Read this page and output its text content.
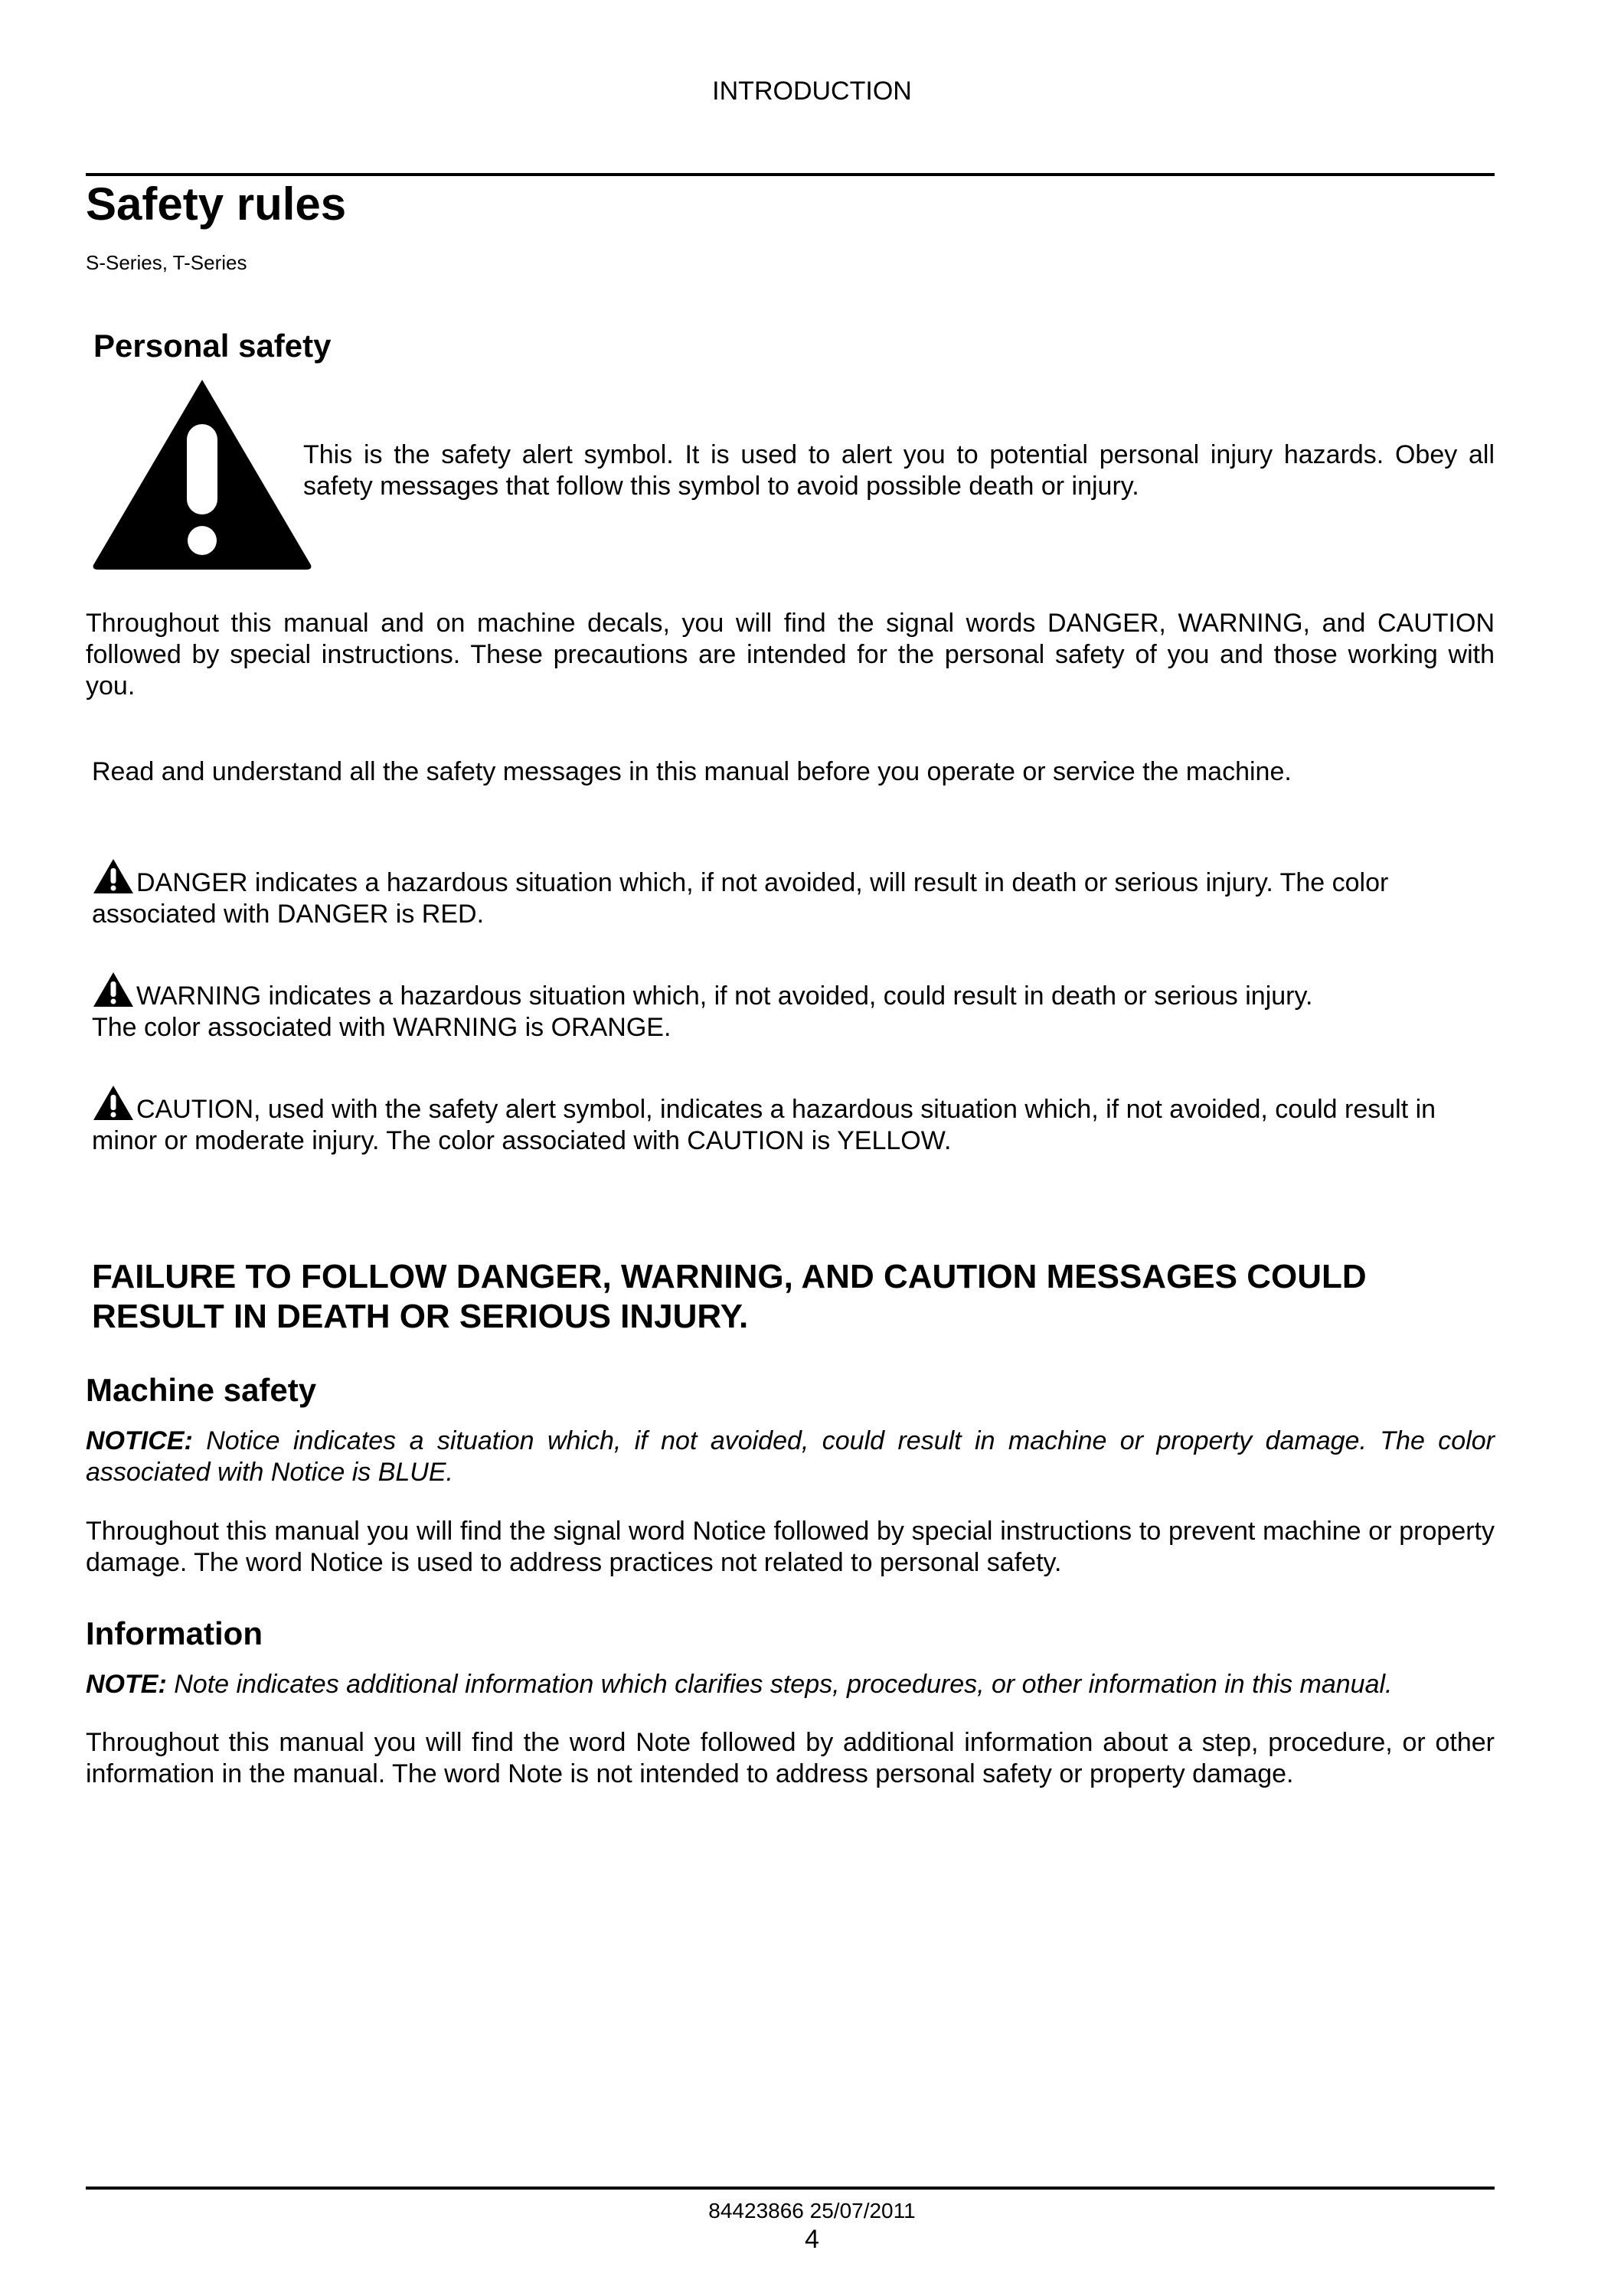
INTRODUCTION
Safety rules
S-Series, T-Series
Personal safety

This is the safety alert symbol. It is used to alert you to potential personal injury hazards. Obey all safety messages that follow this symbol to avoid possible death or injury.

Throughout this manual and on machine decals, you will find the signal words DANGER, WARNING, and CAUTION followed by special instructions. These precautions are intended for the personal safety of you and those working with you.

Read and understand all the safety messages in this manual before you operate or service the machine.

DANGER indicates a hazardous situation which, if not avoided, will result in death or serious injury. The color associated with DANGER is RED.
WARNING indicates a hazardous situation which, if not avoided, could result in death or serious injury.
The color associated with WARNING is ORANGE.
CAUTION, used with the safety alert symbol, indicates a hazardous situation which, if not avoided, could result in minor or moderate injury. The color associated with CAUTION is YELLOW.

FAILURE TO FOLLOW DANGER, WARNING, AND CAUTION MESSAGES COULD RESULT IN DEATH OR SERIOUS INJURY.

Machine safety

NOTICE: Notice indicates a situation which, if not avoided, could result in machine or property damage. The color associated with Notice is BLUE.

Throughout this manual you will find the signal word Notice followed by special instructions to prevent machine or property damage. The word Notice is used to address practices not related to personal safety.

Information

NOTE: Note indicates additional information which clarifies steps, procedures, or other information in this manual.

Throughout this manual you will find the word Note followed by additional information about a step, procedure, or other information in the manual. The word Note is not intended to address personal safety or property damage.

84423866 25/07/2011
4
